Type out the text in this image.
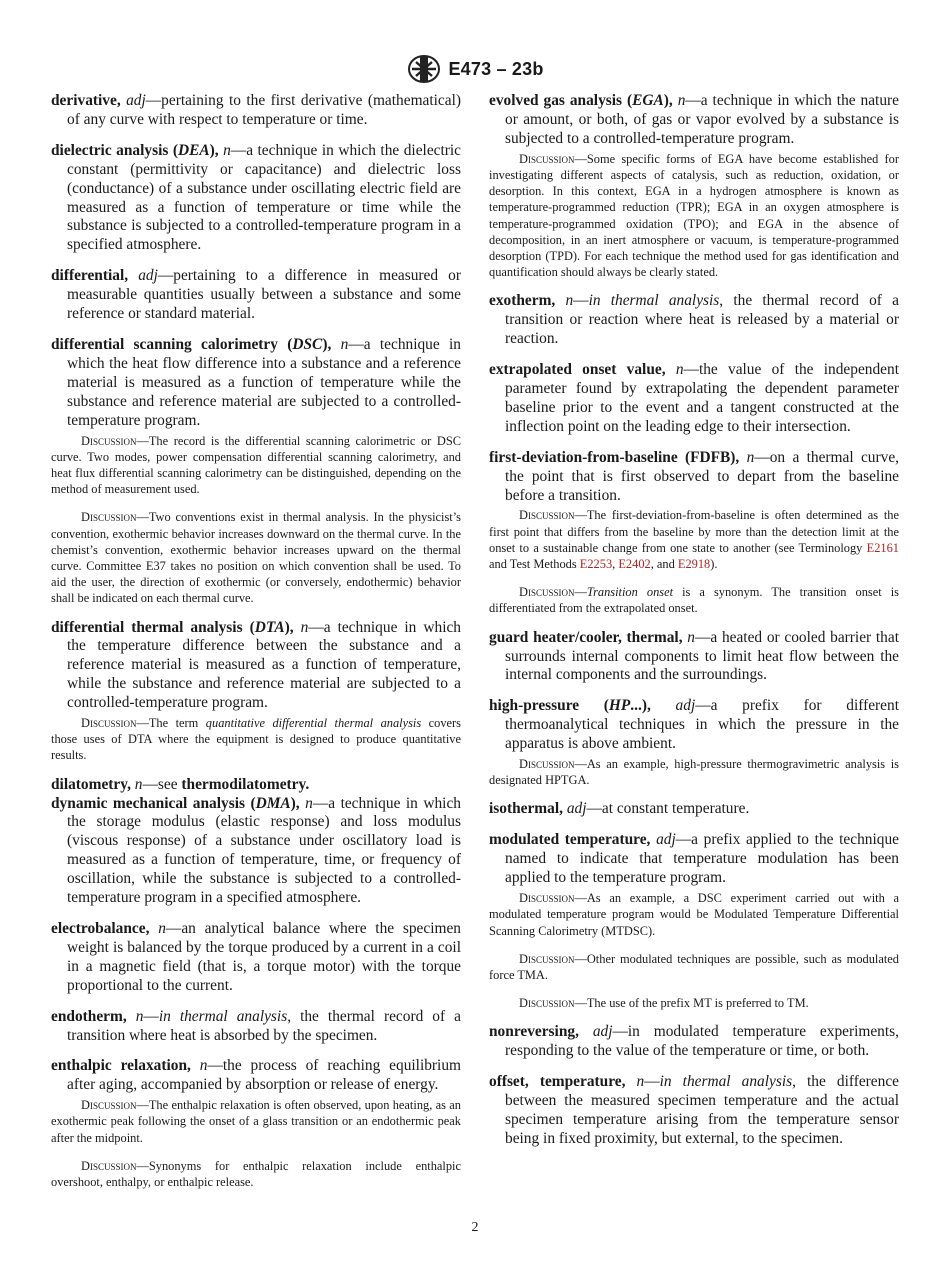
E473 – 23b

derivative, adj—pertaining to the first derivative (mathematical) of any curve with respect to temperature or time.

dielectric analysis (DEA), n—a technique in which the dielectric constant (permittivity or capacitance) and dielectric loss (conductance) of a substance under oscillating electric field are measured as a function of temperature or time while the substance is subjected to a controlled-temperature program in a specified atmosphere.

differential, adj—pertaining to a difference in measured or measurable quantities usually between a substance and some reference or standard material.

differential scanning calorimetry (DSC), n—a technique in which the heat flow difference into a substance and a reference material is measured as a function of temperature while the substance and reference material are subjected to a controlled-temperature program.

Discussion—The record is the differential scanning calorimetric or DSC curve. Two modes, power compensation differential scanning calorimetry, and heat flux differential scanning calorimetry can be distinguished, depending on the method of measurement used.

Discussion—Two conventions exist in thermal analysis. In the physicist’s convention, exothermic behavior increases downward on the thermal curve. In the chemist’s convention, exothermic behavior increases upward on the thermal curve. Committee E37 takes no position on which convention shall be used. To aid the user, the direction of exothermic (or conversely, endothermic) behavior shall be indicated on each thermal curve.

differential thermal analysis (DTA), n—a technique in which the temperature difference between the substance and a reference material is measured as a function of temperature, while the substance and reference material are subjected to a controlled-temperature program.

Discussion—The term quantitative differential thermal analysis covers those uses of DTA where the equipment is designed to produce quantitative results.

dilatometry, n—see thermodilatometry.

dynamic mechanical analysis (DMA), n—a technique in which the storage modulus (elastic response) and loss modulus (viscous response) of a substance under oscillatory load is measured as a function of temperature, time, or frequency of oscillation, while the substance is subjected to a controlled-temperature program in a specified atmosphere.

electrobalance, n—an analytical balance where the specimen weight is balanced by the torque produced by a current in a coil in a magnetic field (that is, a torque motor) with the torque proportional to the current.

endotherm, n—in thermal analysis, the thermal record of a transition where heat is absorbed by the specimen.

enthalpic relaxation, n—the process of reaching equilibrium after aging, accompanied by absorption or release of energy.

Discussion—The enthalpic relaxation is often observed, upon heating, as an exothermic peak following the onset of a glass transition or an endothermic peak after the midpoint.

Discussion—Synonyms for enthalpic relaxation include enthalpic overshoot, enthalpy, or enthalpic release.

evolved gas analysis (EGA), n—a technique in which the nature or amount, or both, of gas or vapor evolved by a substance is subjected to a controlled-temperature program.

Discussion—Some specific forms of EGA have become established for investigating different aspects of catalysis, such as reduction, oxidation, or desorption. In this context, EGA in a hydrogen atmosphere is known as temperature-programmed reduction (TPR); EGA in an oxygen atmosphere is temperature-programmed oxidation (TPO); and EGA in the absence of decomposition, in an inert atmosphere or vacuum, is temperature-programmed desorption (TPD). For each technique the method used for gas identification and quantification should always be clearly stated.

exotherm, n—in thermal analysis, the thermal record of a transition or reaction where heat is released by a material or reaction.

extrapolated onset value, n—the value of the independent parameter found by extrapolating the dependent parameter baseline prior to the event and a tangent constructed at the inflection point on the leading edge to their intersection.

first-deviation-from-baseline (FDFB), n—on a thermal curve, the point that is first observed to depart from the baseline before a transition.

Discussion—The first-deviation-from-baseline is often determined as the first point that differs from the baseline by more than the detection limit at the onset to a sustainable change from one state to another (see Terminology E2161 and Test Methods E2253, E2402, and E2918).

Discussion—Transition onset is a synonym. The transition onset is differentiated from the extrapolated onset.

guard heater/cooler, thermal, n—a heated or cooled barrier that surrounds internal components to limit heat flow between the internal components and the surroundings.

high-pressure (HP...), adj—a prefix for different thermoanalytical techniques in which the pressure in the apparatus is above ambient.

Discussion—As an example, high-pressure thermogravimetric analysis is designated HPTGA.

isothermal, adj—at constant temperature.

modulated temperature, adj—a prefix applied to the technique named to indicate that temperature modulation has been applied to the temperature program.

Discussion—As an example, a DSC experiment carried out with a modulated temperature program would be Modulated Temperature Differential Scanning Calorimetry (MTDSC).

Discussion—Other modulated techniques are possible, such as modulated force TMA.

Discussion—The use of the prefix MT is preferred to TM.

nonreversing, adj—in modulated temperature experiments, responding to the value of the temperature or time, or both.

offset, temperature, n—in thermal analysis, the difference between the measured specimen temperature and the actual specimen temperature arising from the temperature sensor being in fixed proximity, but external, to the specimen.

2
